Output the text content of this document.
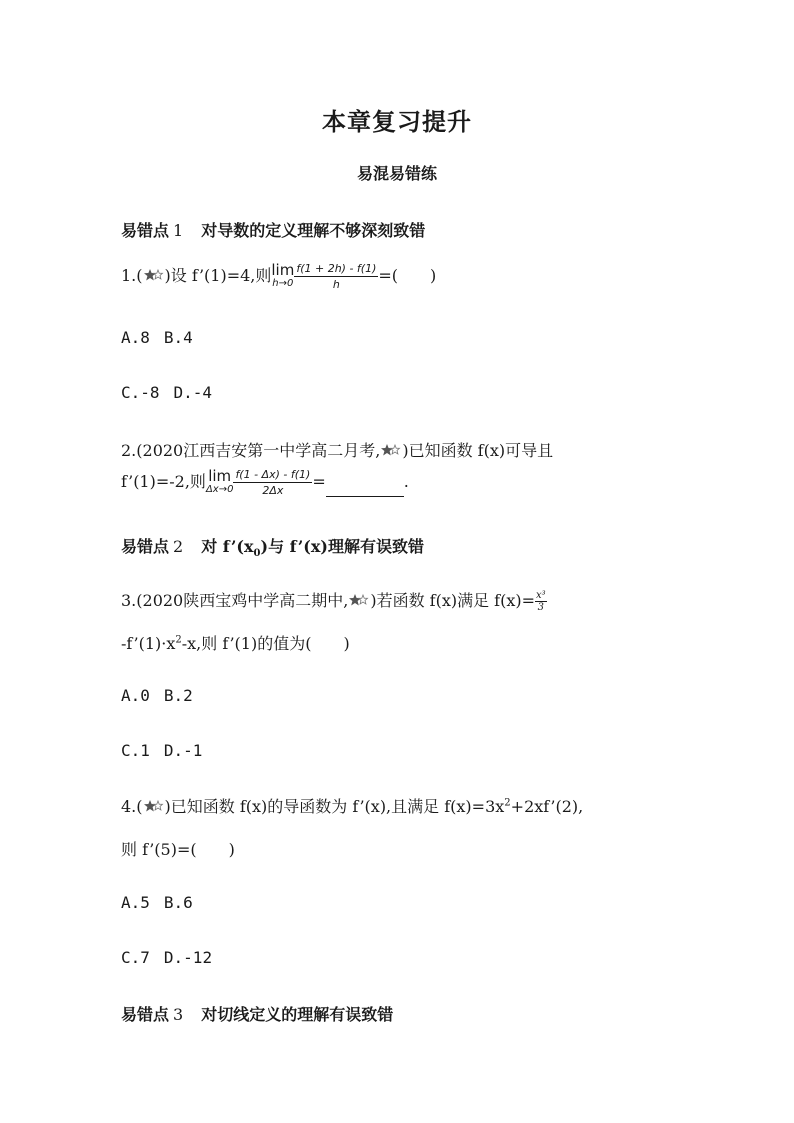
本章复习提升
易混易错练
易错点 1 对导数的定义理解不够深刻致错
1.( )设 f’(1)=4,则 lim
$h\to 0 \frac{f(1 + 2h) - f(1)}{h}$ =(　　)
A.8 B.4
C.-8 D.-4
2.(2020江西吉安第一中学高二月考, )已知函数 f(x)可导且
f’(1)=-2,则 lim
$\Delta x\to 0 \frac{f(1 - \Delta x) - f(1)}{2\Delta x}$ =	.
易错点 2 对 $f’(x_0)$与 f’(x)理解有误致错
3.(2020陕西宝鸡中学高二期中, )若函数 f(x)满足 $f(x)= \frac{\text{x³}}{3}$
$-f’(1)\cdot x^2-x$,则 f’(1)的值为(　　)
A.0 B.2
C.1 D.-1
4.( )已知函数 f(x)的导函数为 f’(x),且满足 $f(x)=3x^2+2xf’(2)$,
则 f’(5)=(　　)
A.5 B.6
C.7 D.-12
易错点 3 对切线定义的理解有误致错
